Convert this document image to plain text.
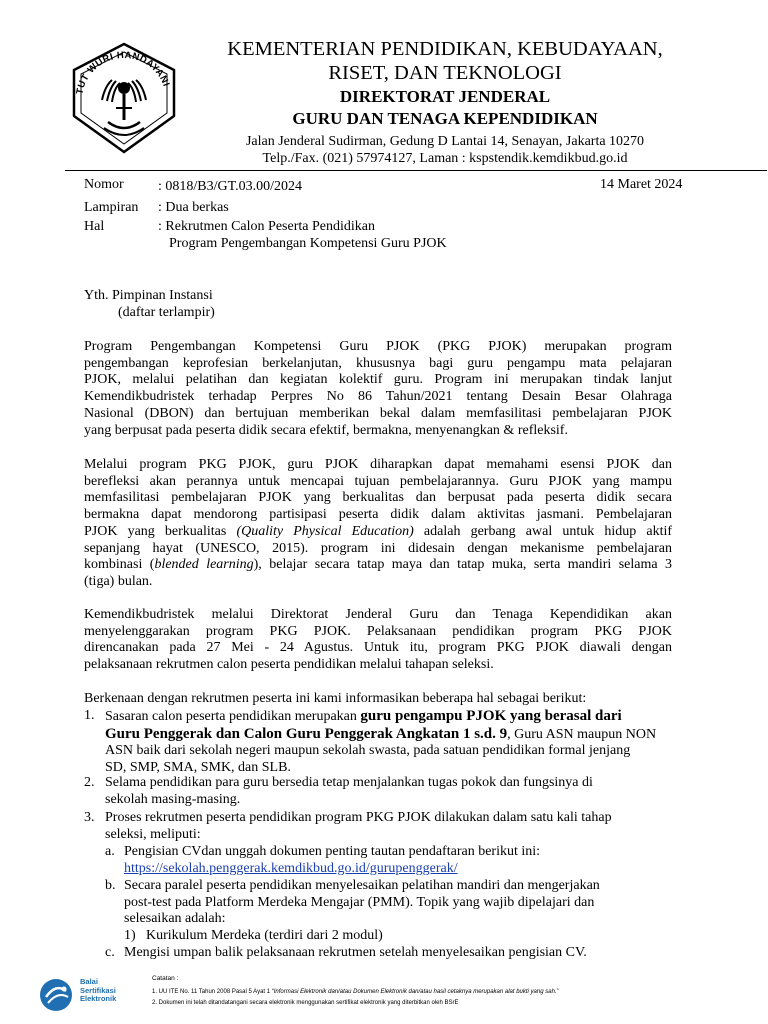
TUT WURI HANDAYANI
KEMENTERIAN PENDIDIKAN, KEBUDAYAAN,
RISET, DAN TEKNOLOGI
DIREKTORAT JENDERAL
GURU DAN TENAGA KEPENDIDIKAN
Jalan Jenderal Sudirman, Gedung D Lantai 14, Senayan, Jakarta 10270
Telp./Fax. (021) 57974127, Laman : kspstendik.kemdikbud.go.id
14 Maret 2024
Nomor : 0818/B3/GT.03.00/2024
Lampiran : Dua berkas
Hal	: Rekrutmen Calon Peserta Pendidikan
Program Pengembangan Kompetensi Guru PJOK
Yth. Pimpinan Instansi
(daftar terlampir)
Program Pengembangan Kompetensi Guru PJOK (PKG PJOK) merupakan program
pengembangan keprofesian berkelanjutan, khususnya bagi guru pengampu mata pelajaran
PJOK, melalui pelatihan dan kegiatan kolektif guru. Program ini merupakan tindak lanjut
Kemendikbudristek terhadap Perpres No 86 Tahun/2021 tentang Desain Besar Olahraga
Nasional (DBON) dan bertujuan memberikan bekal dalam memfasilitasi pembelajaran PJOK
yang berpusat pada peserta didik secara efektif, bermakna, menyenangkan & refleksif.
Melalui program PKG PJOK, guru PJOK diharapkan dapat memahami esensi PJOK dan
berefleksi akan perannya untuk mencapai tujuan pembelajarannya. Guru PJOK yang mampu
memfasilitasi pembelajaran PJOK yang berkualitas dan berpusat pada peserta didik secara
bermakna dapat mendorong partisipasi peserta didik dalam aktivitas jasmani. Pembelajaran
PJOK yang berkualitas (Quality Physical Education) adalah gerbang awal untuk hidup aktif
sepanjang hayat (UNESCO, 2015). program ini didesain dengan mekanisme pembelajaran
kombinasi (blended learning), belajar secara tatap maya dan tatap muka, serta mandiri selama 3
(tiga) bulan.
Kemendikbudristek melalui Direktorat Jenderal Guru dan Tenaga Kependidikan akan
menyelenggarakan program PKG PJOK. Pelaksanaan pendidikan program PKG PJOK
direncanakan pada 27 Mei - 24 Agustus. Untuk itu, program PKG PJOK diawali dengan
pelaksanaan rekrutmen calon peserta pendidikan melalui tahapan seleksi.
Berkenaan dengan rekrutmen peserta ini kami informasikan beberapa hal sebagai berikut:
1. Sasaran calon peserta pendidikan merupakan guru pengampu PJOK yang berasal dari
Guru Penggerak dan Calon Guru Penggerak Angkatan 1 s.d. 9, Guru ASN maupun NON
ASN baik dari sekolah negeri maupun sekolah swasta, pada satuan pendidikan formal jenjang
SD, SMP, SMA, SMK, dan SLB.
2. Selama pendidikan para guru bersedia tetap menjalankan tugas pokok dan fungsinya di
sekolah masing-masing.
3. Proses rekrutmen peserta pendidikan program PKG PJOK dilakukan dalam satu kali tahap
seleksi, meliputi:
a. Pengisian CVdan unggah dokumen penting tautan pendaftaran berikut ini:
https://sekolah.penggerak.kemdikbud.go.id/gurupenggerak/
b. Secara paralel peserta pendidikan menyelesaikan pelatihan mandiri dan mengerjakan
post-test pada Platform Merdeka Mengajar (PMM). Topik yang wajib dipelajari dan
selesaikan adalah:
1) Kurikulum Merdeka (terdiri dari 2 modul)
c. Mengisi umpan balik pelaksanaan rekrutmen setelah menyelesaikan pengisian CV.
Balai
Sertifikasi
Elektronik
Catatan :
1. UU ITE No. 11 Tahun 2008 Pasal 5 Ayat 1 “Informasi Elektronik dan/atau Dokumen Elektronik dan/atau hasil cetaknya merupakan alat bukti yang sah.”
2. Dokumen ini telah ditandatangani secara elektronik menggunakan sertifikat elektronik yang diterbitkan oleh BSrE
